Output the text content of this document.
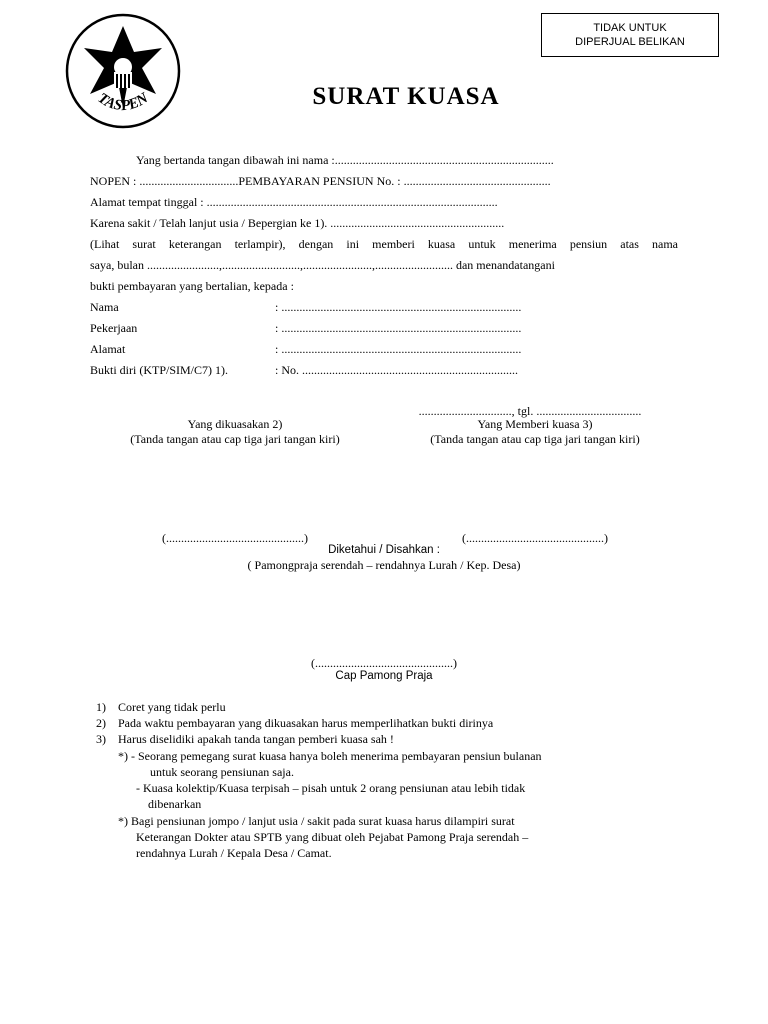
TASPEN
TIDAK UNTUK
DIPERJUAL BELIKAN
SURAT KUASA
Yang bertanda tangan dibawah ini nama :.........................................................................
NOPEN : .................................PEMBAYARAN PENSIUN No. : .................................................
Alamat tempat tinggal : .................................................................................................
Karena sakit / Telah lanjut usia / Bepergian ke 1). ..........................................................
(Lihat surat keterangan terlampir), dengan ini memberi kuasa untuk menerima pensiun atas nama
saya, bulan ........................,..........................,.......................,.......................... dan menandatangani
bukti pembayaran yang bertalian, kepada :
Nama	: ................................................................................
Pekerjaan	: ................................................................................
Alamat	: ................................................................................
Bukti diri (KTP/SIM/C7) 1).	: No. ........................................................................
..............................., tgl. ...................................
Yang dikuasakan 2)
(Tanda tangan atau cap tiga jari tangan kiri)
Yang Memberi kuasa 3)
(Tanda tangan atau cap tiga jari tangan kiri)
(..............................................)	(..............................................)
Diketahui / Disahkan :
( Pamongpraja serendah – rendahnya Lurah / Kep. Desa)
(..............................................)
Cap Pamong Praja
1) Coret yang tidak perlu
2) Pada waktu pembayaran yang dikuasakan harus memperlihatkan bukti dirinya
3) Harus diselidiki apakah tanda tangan pemberi kuasa sah !
*) - Seorang pemegang surat kuasa hanya boleh menerima pembayaran pensiun bulanan
untuk seorang pensiunan saja.
- Kuasa kolektip/Kuasa terpisah – pisah untuk 2 orang pensiunan atau lebih tidak
dibenarkan
*) Bagi pensiunan jompo / lanjut usia / sakit pada surat kuasa harus dilampiri surat
Keterangan Dokter atau SPTB yang dibuat oleh Pejabat Pamong Praja serendah –
rendahnya Lurah / Kepala Desa / Camat.
